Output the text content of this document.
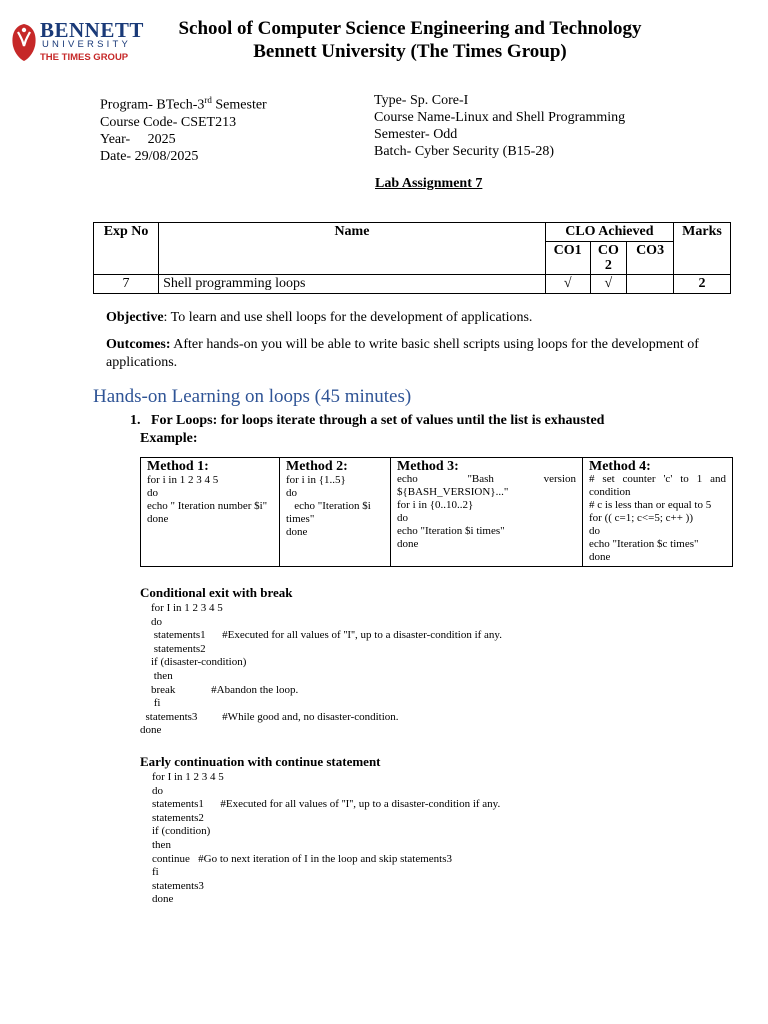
BENNETT
UNIVERSITY
THE TIMES GROUP
School of Computer Science Engineering and Technology
Bennett University (The Times Group)
Program- BTech-3rd Semester
Course Code- CSET213
Year-     2025
Date- 29/08/2025
Type- Sp. Core-I
Course Name-Linux and Shell Programming
Semester- Odd
Batch- Cyber Security (B15-28)
Lab Assignment 7
Exp No	Name	CLO Achieved			Marks
		CO1	CO 2	CO3	
7	Shell programming loops	√	√		2
Objective: To learn and use shell loops for the development of applications.
Outcomes: After hands-on you will be able to write basic shell scripts using loops for the development of applications.
Hands-on Learning on loops (45 minutes)
1. For Loops: for loops iterate through a set of values until the list is exhausted
Example:
Method 1:
for i in 1 2 3 4 5
do
echo " Iteration number $i"
done

Method 2:
for i in {1..5}
do
echo "Iteration $i times"
done

Method 3:
echo "Bash version ${BASH_VERSION}..."
for i in {0..10..2}
do
echo "Iteration $i times"
done

Method 4:
# set counter 'c' to 1 and condition
# c is less than or equal to 5
for (( c=1; c<=5; c++ ))
do
echo "Iteration $c times"
done
Conditional exit with break
for I in 1 2 3 4 5
do
statements1      #Executed for all values of ''I'', up to a disaster-condition if any.
statements2
if (disaster-condition)
then
break             #Abandon the loop.
fi
statements3         #While good and, no disaster-condition.
done
Early continuation with continue statement
for I in 1 2 3 4 5
do
statements1      #Executed for all values of ''I'', up to a disaster-condition if any.
statements2
if (condition)
then
continue   #Go to next iteration of I in the loop and skip statements3
fi
statements3
done
